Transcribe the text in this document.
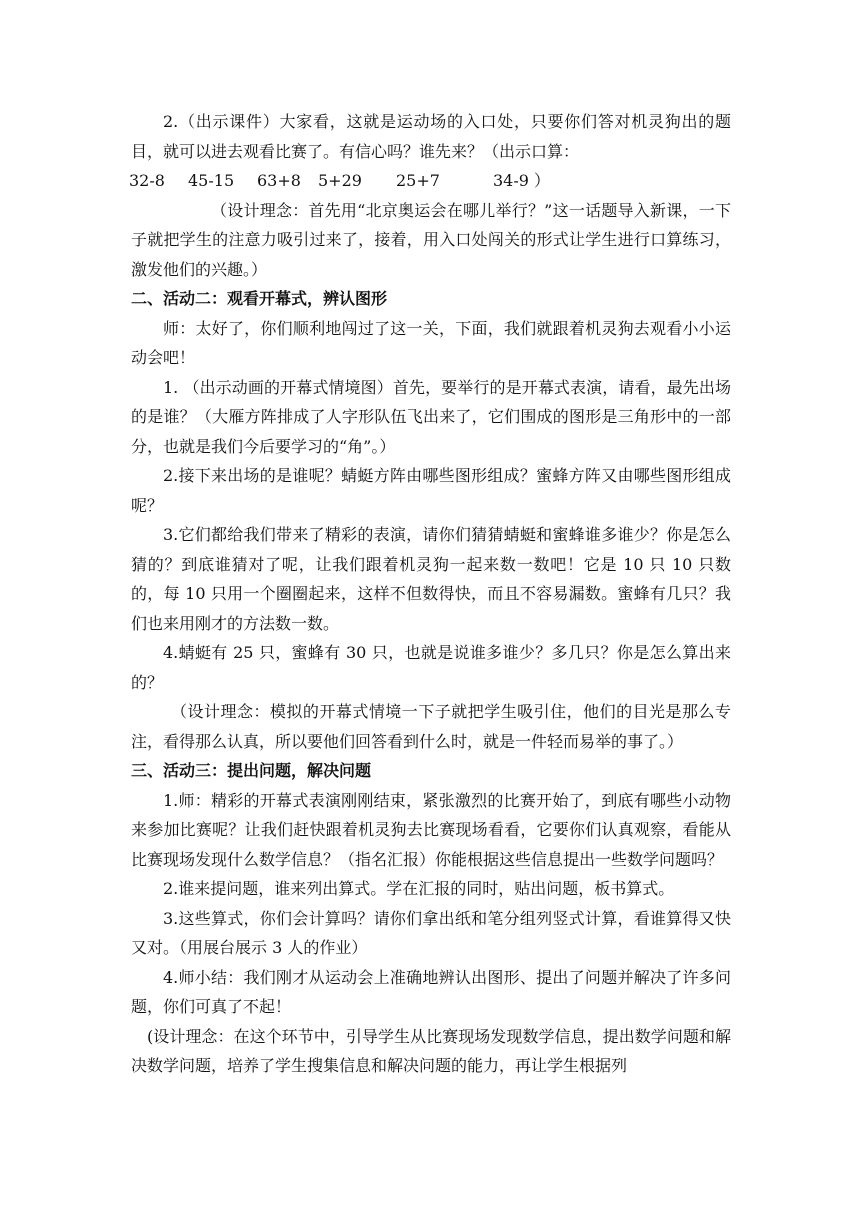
2.（出示课件）大家看，这就是运动场的入口处，只要你们答对机灵狗出的题目，就可以进去观看比赛了。有信心吗？谁先来？（出示口算：

32-8	45-15	63+8	5+29	25+7	34-9 ）

（设计理念：首先用“北京奥运会在哪儿举行？”这一话题导入新课，一下子就把学生的注意力吸引过来了，接着，用入口处闯关的形式让学生进行口算练习，激发他们的兴趣。）

二、活动二：观看开幕式，辨认图形

师：太好了，你们顺利地闯过了这一关，下面，我们就跟着机灵狗去观看小小运动会吧！

1. （出示动画的开幕式情境图）首先，要举行的是开幕式表演，请看，最先出场的是谁？（大雁方阵排成了人字形队伍飞出来了，它们围成的图形是三角形中的一部分，也就是我们今后要学习的“角”。）

2.接下来出场的是谁呢？蜻蜓方阵由哪些图形组成？蜜蜂方阵又由哪些图形组成呢？

3.它们都给我们带来了精彩的表演，请你们猜猜蜻蜓和蜜蜂谁多谁少？你是怎么猜的？到底谁猜对了呢，让我们跟着机灵狗一起来数一数吧！它是 10 只 10 只数的，每 10 只用一个圈圈起来，这样不但数得快，而且不容易漏数。蜜蜂有几只？我们也来用刚才的方法数一数。

4.蜻蜓有 25 只，蜜蜂有 30 只，也就是说谁多谁少？多几只？你是怎么算出来的？

（设计理念：模拟的开幕式情境一下子就把学生吸引住，他们的目光是那么专注，看得那么认真，所以要他们回答看到什么时，就是一件轻而易举的事了。）

三、活动三：提出问题，解决问题

1.师：精彩的开幕式表演刚刚结束，紧张激烈的比赛开始了，到底有哪些小动物来参加比赛呢？让我们赶快跟着机灵狗去比赛现场看看，它要你们认真观察，看能从比赛现场发现什么数学信息？（指名汇报）你能根据这些信息提出一些数学问题吗？

2.谁来提问题，谁来列出算式。学在汇报的同时，贴出问题，板书算式。

3.这些算式，你们会计算吗？请你们拿出纸和笔分组列竖式计算，看谁算得又快又对。（用展台展示 3 人的作业）

4.师小结：我们刚才从运动会上准确地辨认出图形、提出了问题并解决了许多问题，你们可真了不起！

(设计理念：在这个环节中，引导学生从比赛现场发现数学信息，提出数学问题和解决数学问题，培养了学生搜集信息和解决问题的能力，再让学生根据列
